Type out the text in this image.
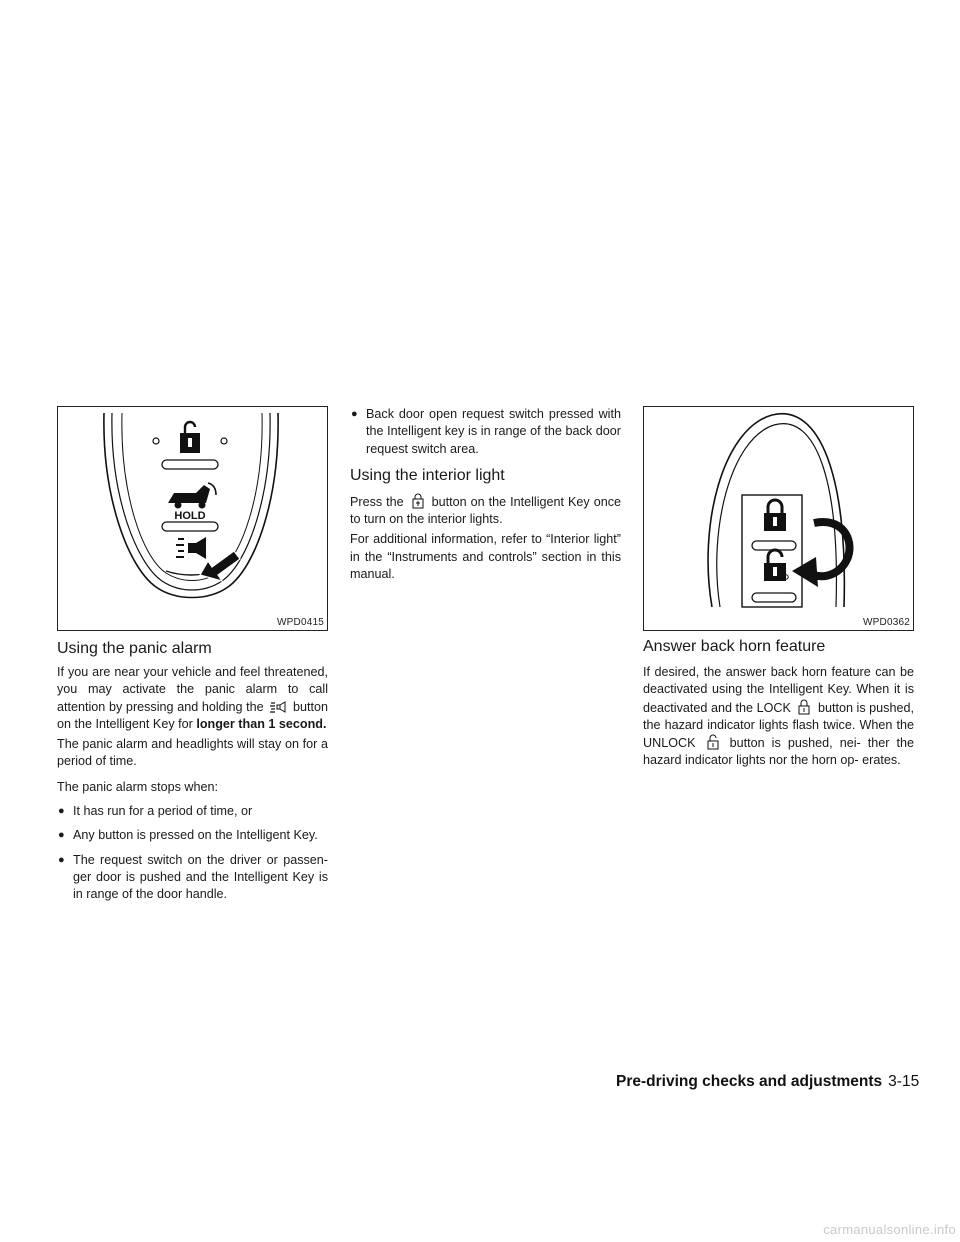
HOLD
WPD0415
Using the panic alarm

If you are near your vehicle and feel threatened, you may activate the panic alarm to call attention by pressing and holding the button on the Intelligent Key for longer than 1 second.

The panic alarm and headlights will stay on for a period of time.

The panic alarm stops when:

● It has run for a period of time, or
● Any button is pressed on the Intelligent Key.
● The request switch on the driver or passen- ger door is pushed and the Intelligent Key is in range of the door handle.
● Back door open request switch pressed with the Intelligent key is in range of the back door request switch area.
Using the interior light

Press the button on the Intelligent Key once to turn on the interior lights.

For additional information, refer to “Interior light” in the “Instruments and controls” section in this manual.

WPD0362
Answer back horn feature

If desired, the answer back horn feature can be deactivated using the Intelligent Key. When it is deactivated and the LOCK button is pushed, the hazard indicator lights flash twice. When the UNLOCK	button is pushed, nei- ther the hazard indicator lights nor the horn op- erates.

Pre-driving checks and adjustments 3-15
carmanualsonline.info
